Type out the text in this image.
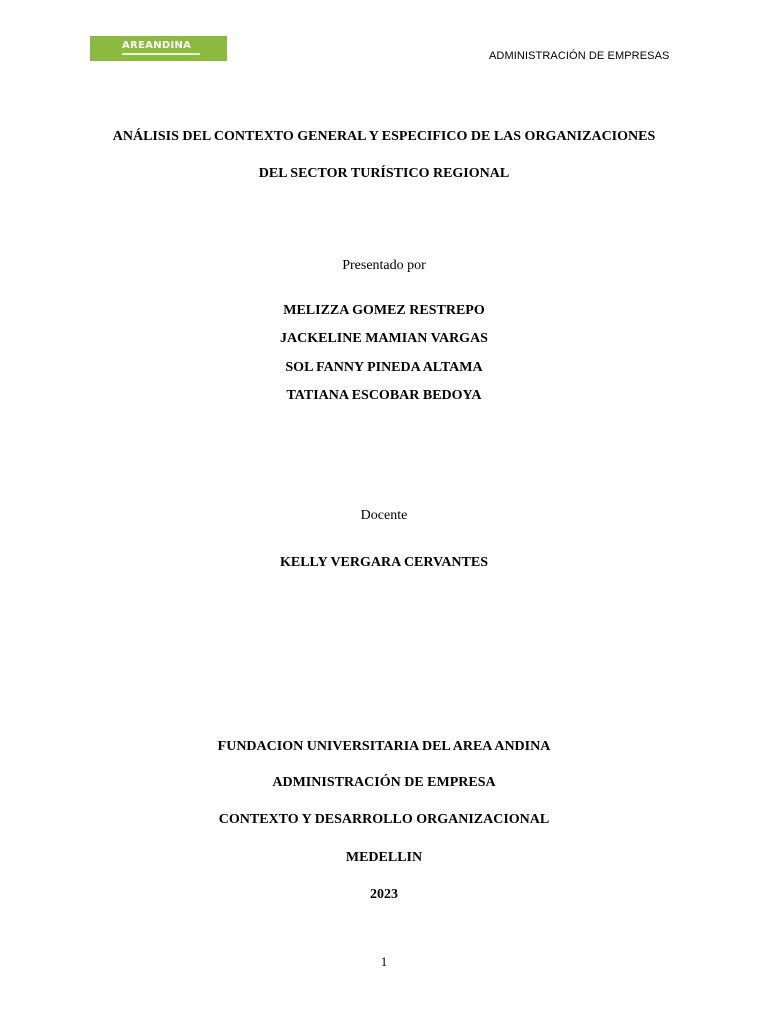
AREANDINA
ADMINISTRACIÓN DE EMPRESAS
ANÁLISIS DEL CONTEXTO GENERAL Y ESPECIFICO DE LAS ORGANIZACIONES
DEL SECTOR TURÍSTICO REGIONAL
Presentado por
MELIZZA GOMEZ RESTREPO
JACKELINE MAMIAN VARGAS
SOL FANNY PINEDA ALTAMA
TATIANA ESCOBAR BEDOYA
Docente
KELLY VERGARA CERVANTES
FUNDACION UNIVERSITARIA DEL AREA ANDINA
ADMINISTRACIÓN DE EMPRESA
CONTEXTO Y DESARROLLO ORGANIZACIONAL
MEDELLIN
2023
1
